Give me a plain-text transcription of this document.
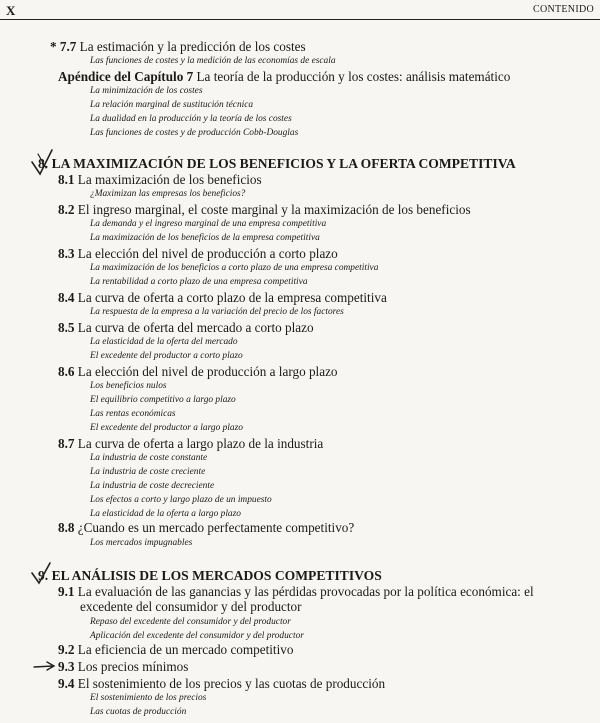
X	CONTENIDO
* 7.7 La estimación y la predicción de los costes
Las funciones de costes y la medición de las economías de escala
Apéndice del Capítulo 7 La teoría de la producción y los costes: análisis matemático
La minimización de los costes
La relación marginal de sustitución técnica
La dualidad en la producción y la teoría de los costes
Las funciones de costes y de producción Cobb-Douglas
8. LA MAXIMIZACIÓN DE LOS BENEFICIOS Y LA OFERTA COMPETITIVA
8.1 La maximización de los beneficios
¿Maximizan las empresas los beneficios?
8.2 El ingreso marginal, el coste marginal y la maximización de los beneficios
La demanda y el ingreso marginal de una empresa competitiva
La maximización de los beneficios de la empresa competitiva
8.3 La elección del nivel de producción a corto plazo
La maximización de los beneficios a corto plazo de una empresa competitiva
La rentabilidad a corto plazo de una empresa competitiva
8.4 La curva de oferta a corto plazo de la empresa competitiva
La respuesta de la empresa a la variación del precio de los factores
8.5 La curva de oferta del mercado a corto plazo
La elasticidad de la oferta del mercado
El excedente del productor a corto plazo
8.6 La elección del nivel de producción a largo plazo
Los beneficios nulos
El equilibrio competitivo a largo plazo
Las rentas económicas
El excedente del productor a largo plazo
8.7 La curva de oferta a largo plazo de la industria
La industria de coste constante
La industria de coste creciente
La industria de coste decreciente
Los efectos a corto y largo plazo de un impuesto
La elasticidad de la oferta a largo plazo
8.8 ¿Cuando es un mercado perfectamente competitivo?
Los mercados impugnables
9. EL ANÁLISIS DE LOS MERCADOS COMPETITIVOS
9.1 La evaluación de las ganancias y las pérdidas provocadas por la política económica: el
excedente del consumidor y del productor
Repaso del excedente del consumidor y del productor
Aplicación del excedente del consumidor y del productor
9.2 La eficiencia de un mercado competitivo
9.3 Los precios mínimos
9.4 El sostenimiento de los precios y las cuotas de producción
El sostenimiento de los precios
Las cuotas de producción
